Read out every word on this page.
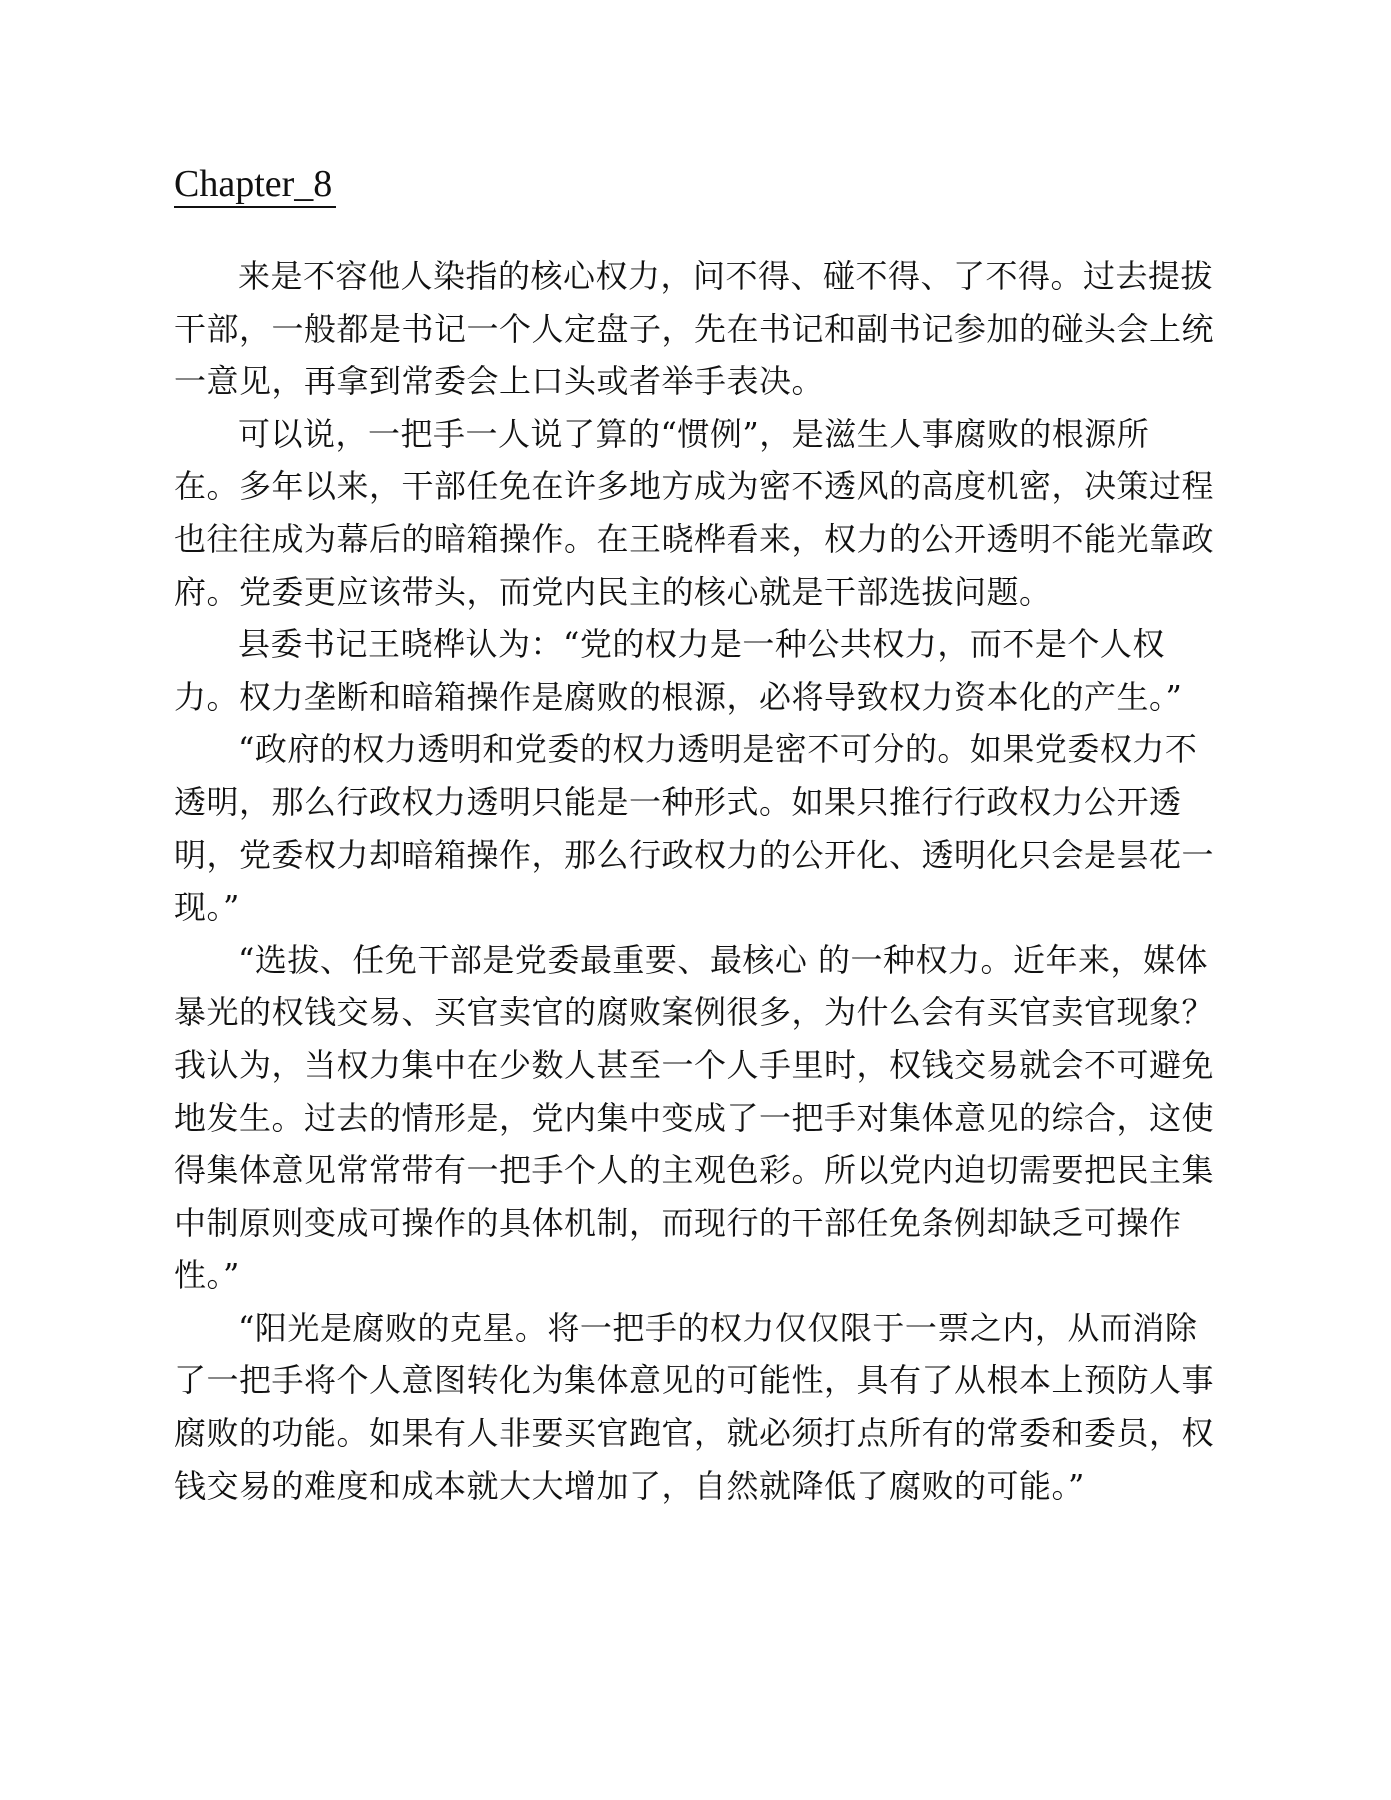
Chapter_8

来是不容他人染指的核心权力，问不得、碰不得、了不得。过去提拔干部，一般都是书记一个人定盘子，先在书记和副书记参加的碰头会上统一意见，再拿到常委会上口头或者举手表决。

可以说，一把手一人说了算的“惯例”，是滋生人事腐败的根源所在。多年以来，干部任免在许多地方成为密不透风的高度机密，决策过程也往往成为幕后的暗箱操作。在王晓桦看来，权力的公开透明不能光靠政府。党委更应该带头，而党内民主的核心就是干部选拔问题。

县委书记王晓桦认为：“党的权力是一种公共权力，而不是个人权力。权力垄断和暗箱操作是腐败的根源，必将导致权力资本化的产生。”

“政府的权力透明和党委的权力透明是密不可分的。如果党委权力不透明，那么行政权力透明只能是一种形式。如果只推行行政权力公开透明，党委权力却暗箱操作，那么行政权力的公开化、透明化只会是昙花一现。”

“选拔、任免干部是党委最重要、最核心 的一种权力。近年来，媒体暴光的权钱交易、买官卖官的腐败案例很多，为什么会有买官卖官现象？我认为，当权力集中在少数人甚至一个人手里时，权钱交易就会不可避免地发生。过去的情形是，党内集中变成了一把手对集体意见的综合，这使得集体意见常常带有一把手个人的主观色彩。所以党内迫切需要把民主集中制原则变成可操作的具体机制，而现行的干部任免条例却缺乏可操作性。”

“阳光是腐败的克星。将一把手的权力仅仅限于一票之内，从而消除了一把手将个人意图转化为集体意见的可能性，具有了从根本上预防人事腐败的功能。如果有人非要买官跑官，就必须打点所有的常委和委员，权钱交易的难度和成本就大大增加了，自然就降低了腐败的可能。”
